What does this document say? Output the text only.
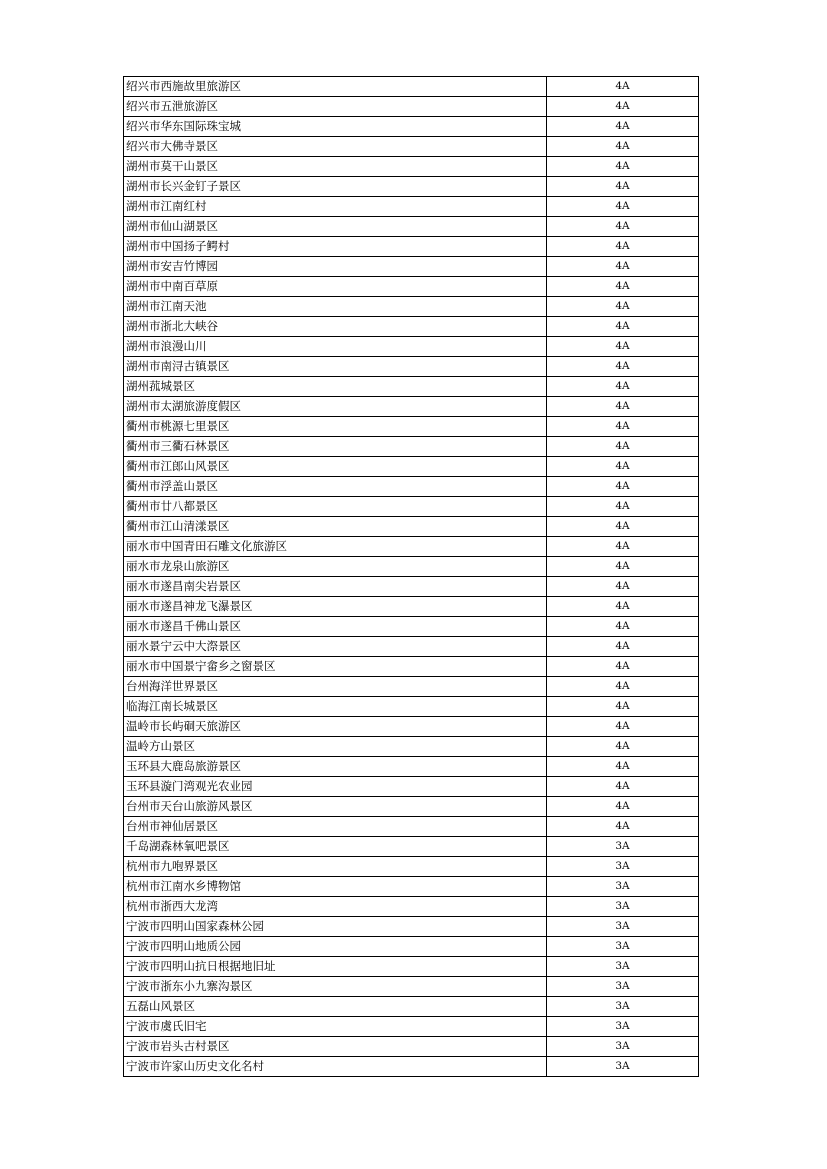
绍兴市西施故里旅游区	4A
绍兴市五泄旅游区	4A
绍兴市华东国际珠宝城	4A
绍兴市大佛寺景区	4A
湖州市莫干山景区	4A
湖州市长兴金钉子景区	4A
湖州市江南红村	4A
湖州市仙山湖景区	4A
湖州市中国扬子鳄村	4A
湖州市安吉竹博园	4A
湖州市中南百草原	4A
湖州市江南天池	4A
湖州市浙北大峡谷	4A
湖州市浪漫山川	4A
湖州市南浔古镇景区	4A
湖州菰城景区	4A
湖州市太湖旅游度假区	4A
衢州市桃源七里景区	4A
衢州市三衢石林景区	4A
衢州市江郎山风景区	4A
衢州市浮盖山景区	4A
衢州市廿八都景区	4A
衢州市江山清漾景区	4A
丽水市中国青田石雕文化旅游区	4A
丽水市龙泉山旅游区	4A
丽水市遂昌南尖岩景区	4A
丽水市遂昌神龙飞瀑景区	4A
丽水市遂昌千佛山景区	4A
丽水景宁云中大漈景区	4A
丽水市中国景宁畲乡之窗景区	4A
台州海洋世界景区	4A
临海江南长城景区	4A
温岭市长屿硐天旅游区	4A
温岭方山景区	4A
玉环县大鹿岛旅游景区	4A
玉环县漩门湾观光农业园	4A
台州市天台山旅游风景区	4A
台州市神仙居景区	4A
千岛湖森林氧吧景区	3A
杭州市九咆界景区	3A
杭州市江南水乡博物馆	3A
杭州市浙西大龙湾	3A
宁波市四明山国家森林公园	3A
宁波市四明山地质公园	3A
宁波市四明山抗日根据地旧址	3A
宁波市浙东小九寨沟景区	3A
五磊山风景区	3A
宁波市虞氏旧宅	3A
宁波市岩头古村景区	3A
宁波市许家山历史文化名村	3A
